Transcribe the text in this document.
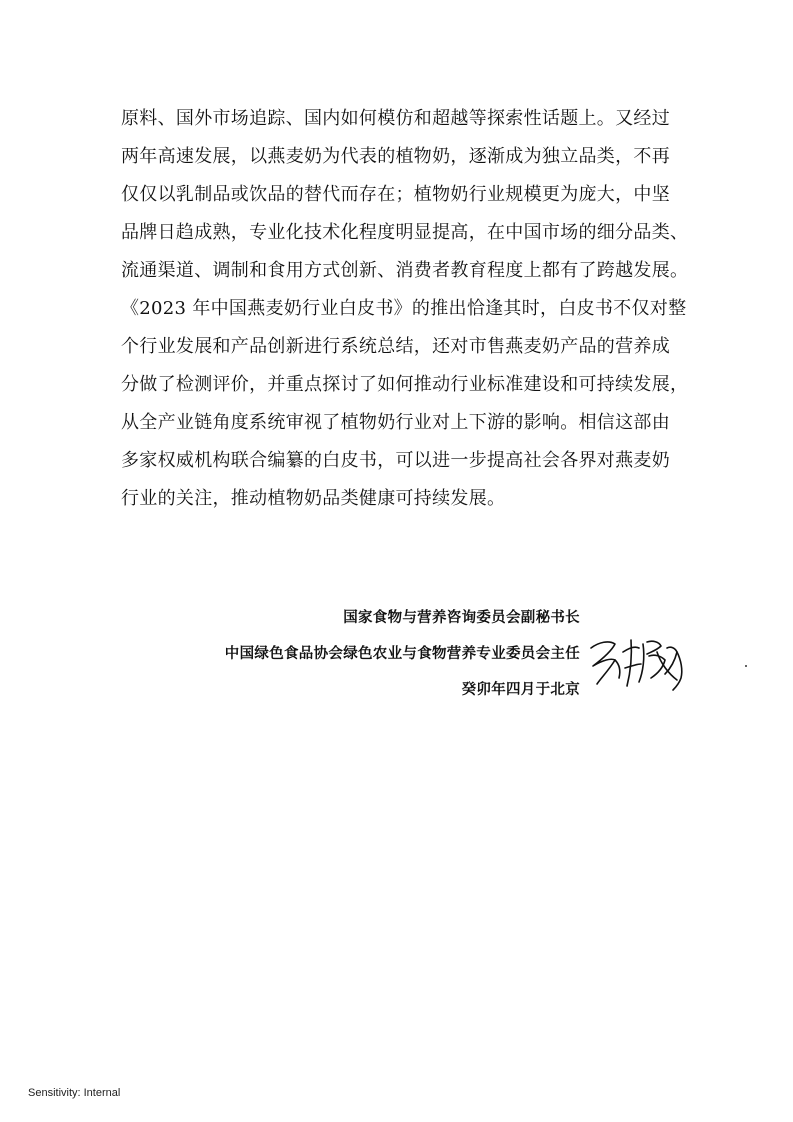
原料、国外市场追踪、国内如何模仿和超越等探索性话题上。又经过
两年高速发展，以燕麦奶为代表的植物奶，逐渐成为独立品类，不再
仅仅以乳制品或饮品的替代而存在；植物奶行业规模更为庞大，中坚
品牌日趋成熟，专业化技术化程度明显提高，在中国市场的细分品类、
流通渠道、调制和食用方式创新、消费者教育程度上都有了跨越发展。
《2023 年中国燕麦奶行业白皮书》的推出恰逢其时，白皮书不仅对整
个行业发展和产品创新进行系统总结，还对市售燕麦奶产品的营养成
分做了检测评价，并重点探讨了如何推动行业标准建设和可持续发展，
从全产业链角度系统审视了植物奶行业对上下游的影响。相信这部由
多家权威机构联合编纂的白皮书，可以进一步提高社会各界对燕麦奶
行业的关注，推动植物奶品类健康可持续发展。
国家食物与营养咨询委员会副秘书长
中国绿色食品协会绿色农业与食物营养专业委员会主任
癸卯年四月于北京
Sensitivity: Internal
